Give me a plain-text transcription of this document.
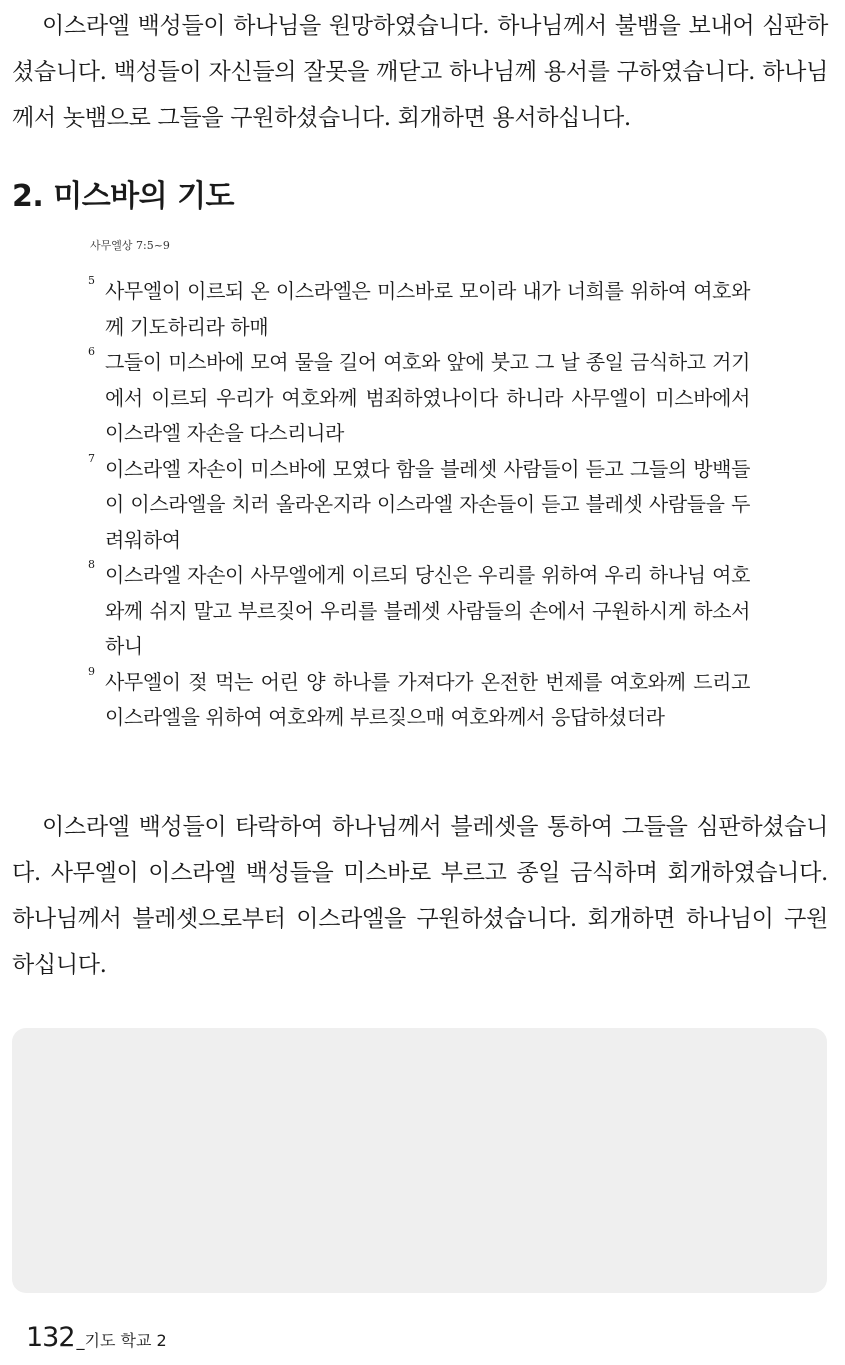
이스라엘 백성들이 하나님을 원망하였습니다. 하나님께서 불뱀을 보내어 심판하셨습니다. 백성들이 자신들의 잘못을 깨닫고 하나님께 용서를 구하였습니다. 하나님께서 놋뱀으로 그들을 구원하셨습니다. 회개하면 용서하십니다.

2. 미스바의 기도
사무엘상 7:5~9
5 사무엘이 이르되 온 이스라엘은 미스바로 모이라 내가 너희를 위하여 여호와께 기도하리라 하매
6 그들이 미스바에 모여 물을 길어 여호와 앞에 붓고 그 날 종일 금식하고 거기에서 이르되 우리가 여호와께 범죄하였나이다 하니라 사무엘이 미스바에서 이스라엘 자손을 다스리니라
7 이스라엘 자손이 미스바에 모였다 함을 블레셋 사람들이 듣고 그들의 방백들이 이스라엘을 치러 올라온지라 이스라엘 자손들이 듣고 블레셋 사람들을 두려워하여
8 이스라엘 자손이 사무엘에게 이르되 당신은 우리를 위하여 우리 하나님 여호와께 쉬지 말고 부르짖어 우리를 블레셋 사람들의 손에서 구원하시게 하소서 하니
9 사무엘이 젖 먹는 어린 양 하나를 가져다가 온전한 번제를 여호와께 드리고 이스라엘을 위하여 여호와께 부르짖으매 여호와께서 응답하셨더라

이스라엘 백성들이 타락하여 하나님께서 블레셋을 통하여 그들을 심판하셨습니다. 사무엘이 이스라엘 백성들을 미스바로 부르고 종일 금식하며 회개하였습니다. 하나님께서 블레셋으로부터 이스라엘을 구원하셨습니다. 회개하면 하나님이 구원하십니다.

132 _기도 학교 2
